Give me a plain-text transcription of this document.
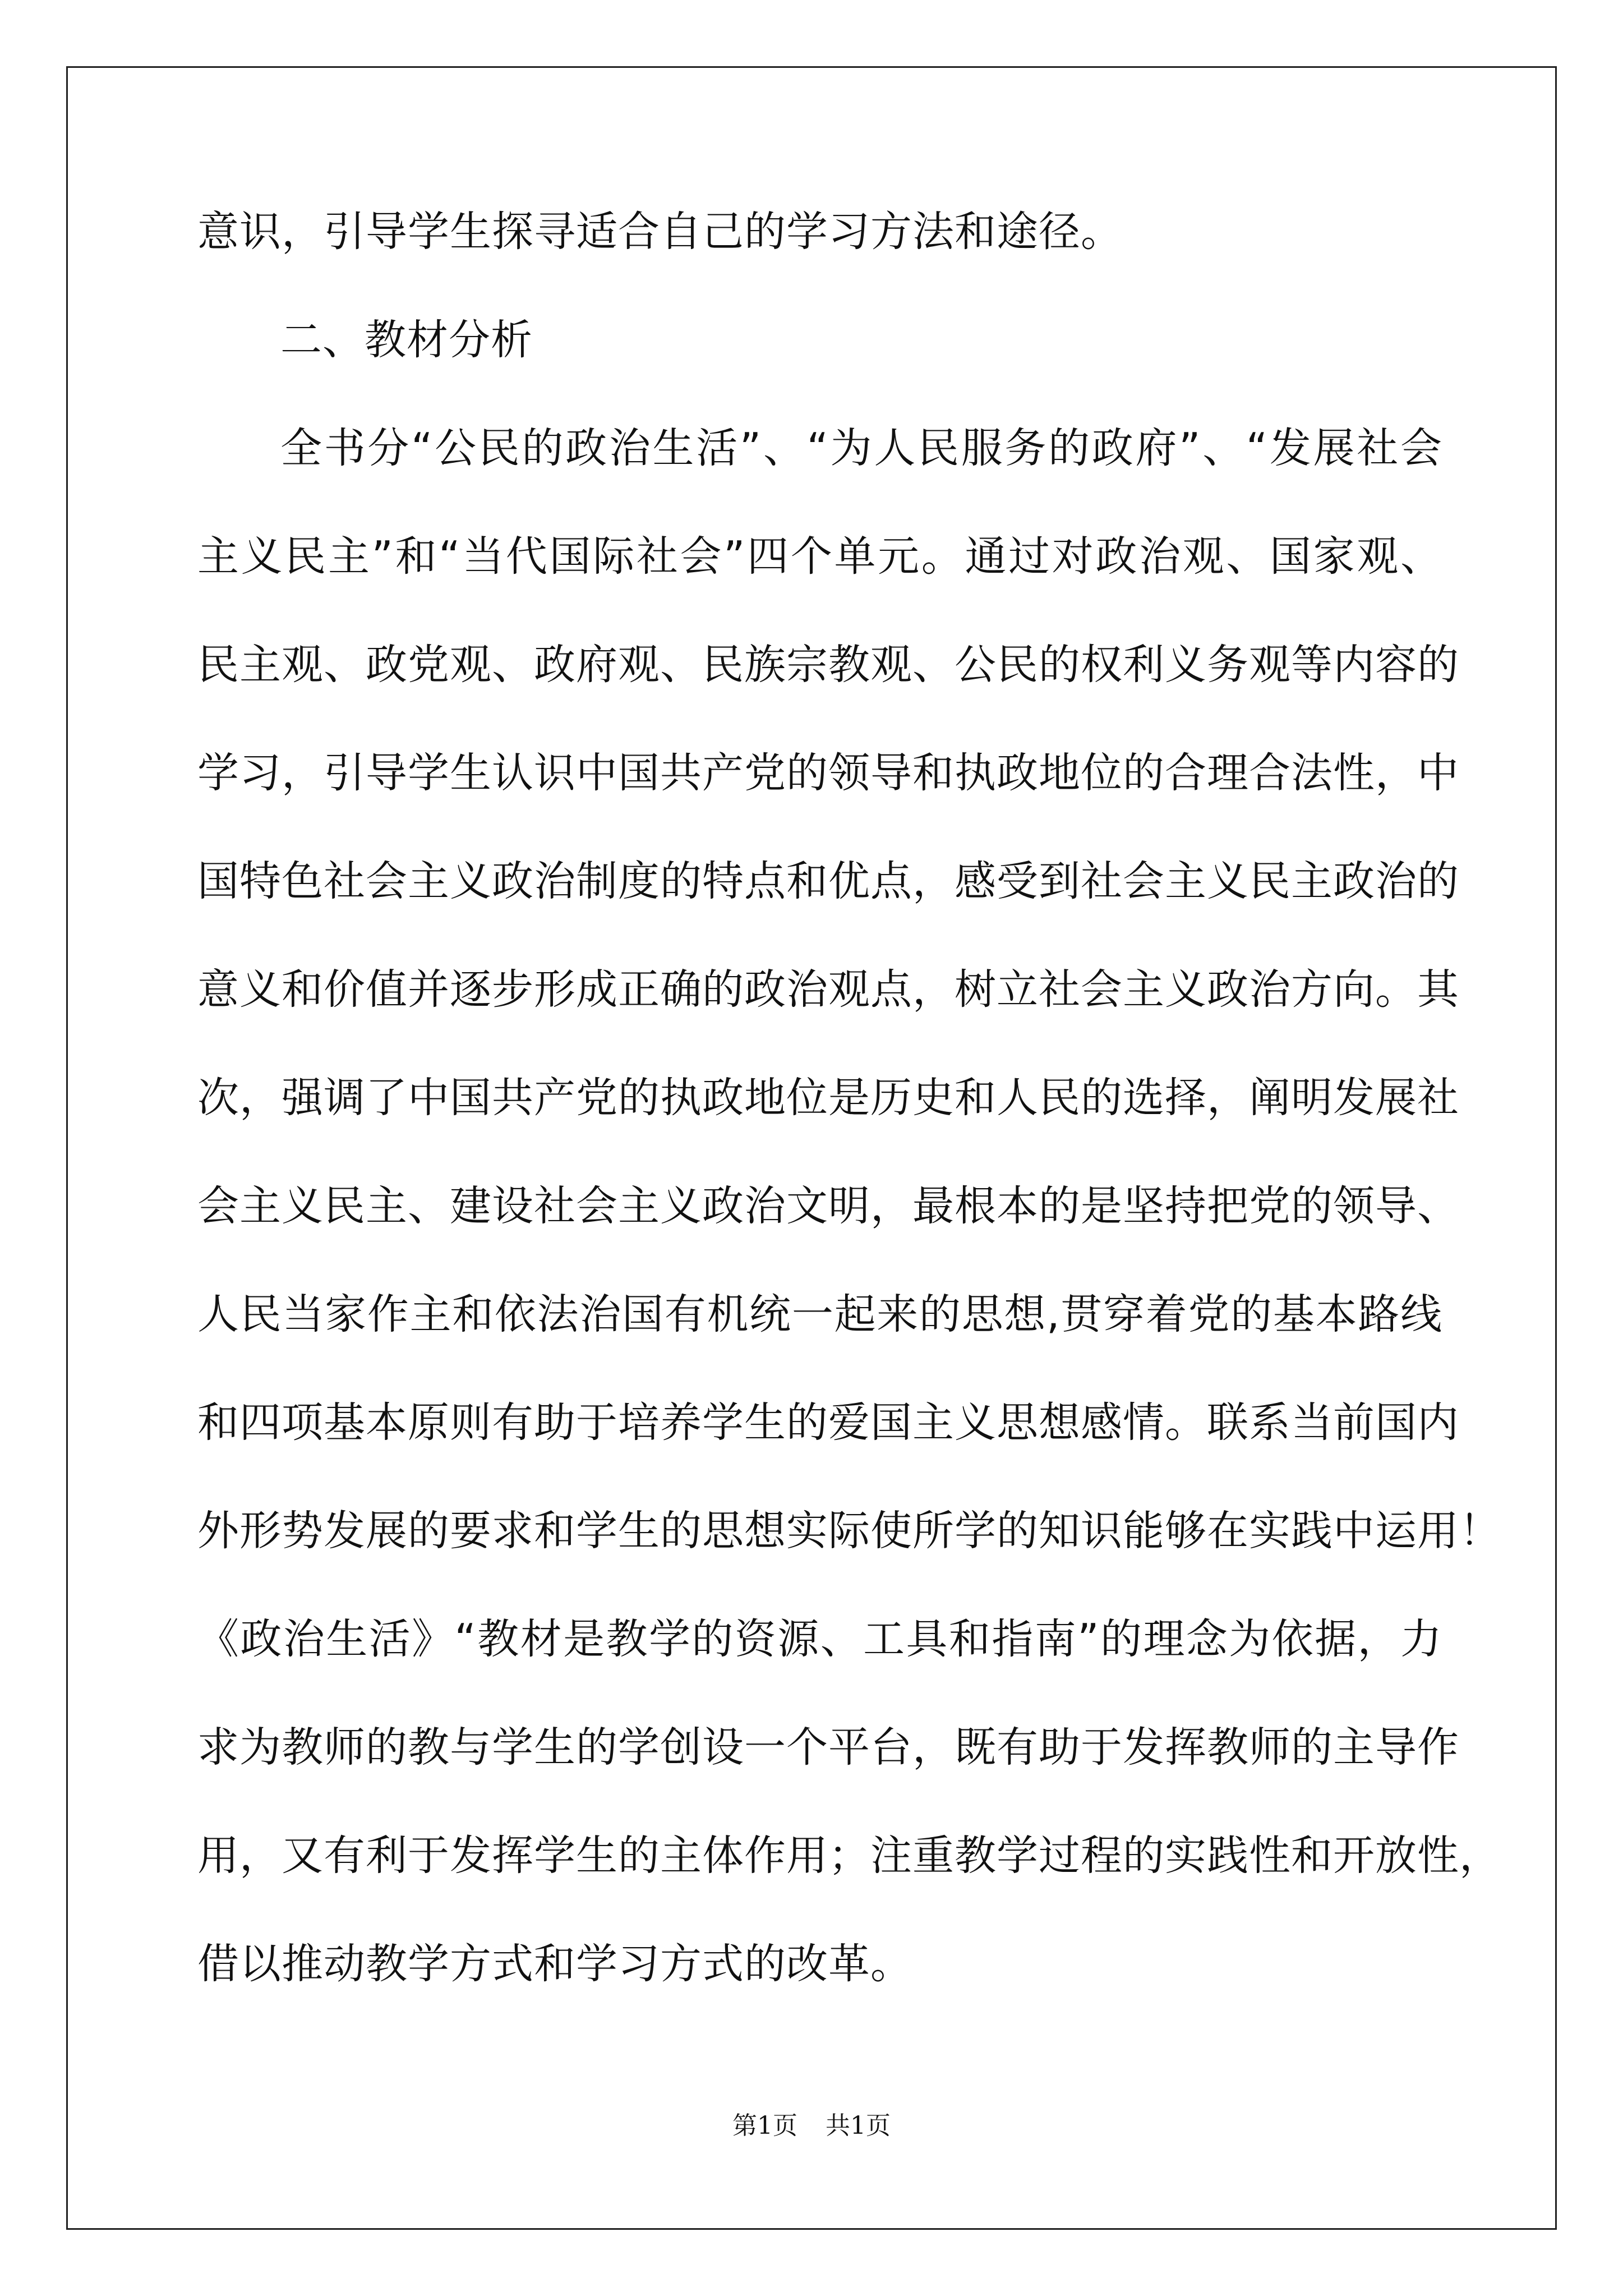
意识，引导学生探寻适合自己的学习方法和途径。
二、教材分析
全书分“公民的政治生活”、“为人民服务的政府”、“发展社会
主义民主”和“当代国际社会”四个单元。通过对政治观、国家观、
民主观、政党观、政府观、民族宗教观、公民的权利义务观等内容的
学习，引导学生认识中国共产党的领导和执政地位的合理合法性，中
国特色社会主义政治制度的特点和优点，感受到社会主义民主政治的
意义和价值并逐步形成正确的政治观点，树立社会主义政治方向。其
次，强调了中国共产党的执政地位是历史和人民的选择，阐明发展社
会主义民主、建设社会主义政治文明，最根本的是坚持把党的领导、
人民当家作主和依法治国有机统一起来的思想,贯穿着党的基本路线
和四项基本原则有助于培养学生的爱国主义思想感情。联系当前国内
外形势发展的要求和学生的思想实际使所学的知识能够在实践中运用！
《政治生活》“教材是教学的资源、工具和指南”的理念为依据，力
求为教师的教与学生的学创设一个平台，既有助于发挥教师的主导作
用，又有利于发挥学生的主体作用；注重教学过程的实践性和开放性，
借以推动教学方式和学习方式的改革。
第1页 共1页
